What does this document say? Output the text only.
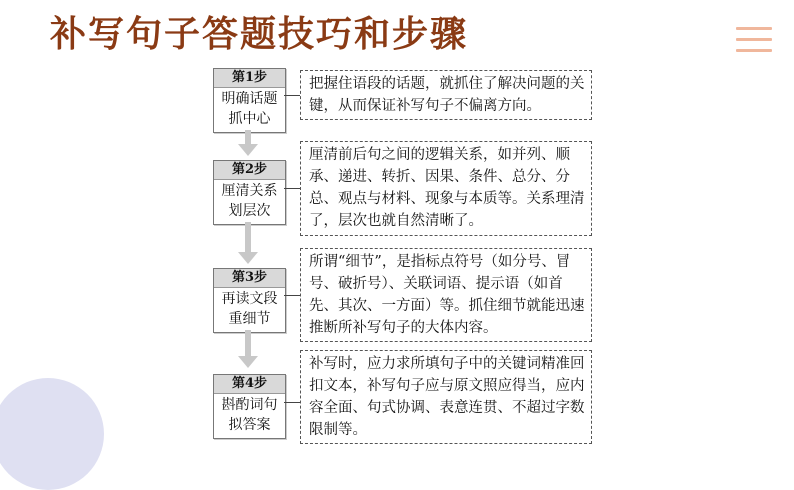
补写句子答题技巧和步骤
第1步
明确话题
抓中心
把握住语段的话题，就抓住了解决问题的关键，从而保证补写句子不偏离方向。
第2步
厘清关系
划层次
厘清前后句之间的逻辑关系，如并列、顺承、递进、转折、因果、条件、总分、分总、观点与材料、现象与本质等。关系理清了，层次也就自然清晰了。
第3步
再读文段
重细节
所谓“细节”，是指标点符号（如分号、冒号、破折号）、关联词语、提示语（如首先、其次、一方面）等。抓住细节就能迅速推断所补写句子的大体内容。
第4步
斟酌词句
拟答案
补写时，应力求所填句子中的关键词精准回扣文本，补写句子应与原文照应得当，应内容全面、句式协调、表意连贯、不超过字数限制等。
